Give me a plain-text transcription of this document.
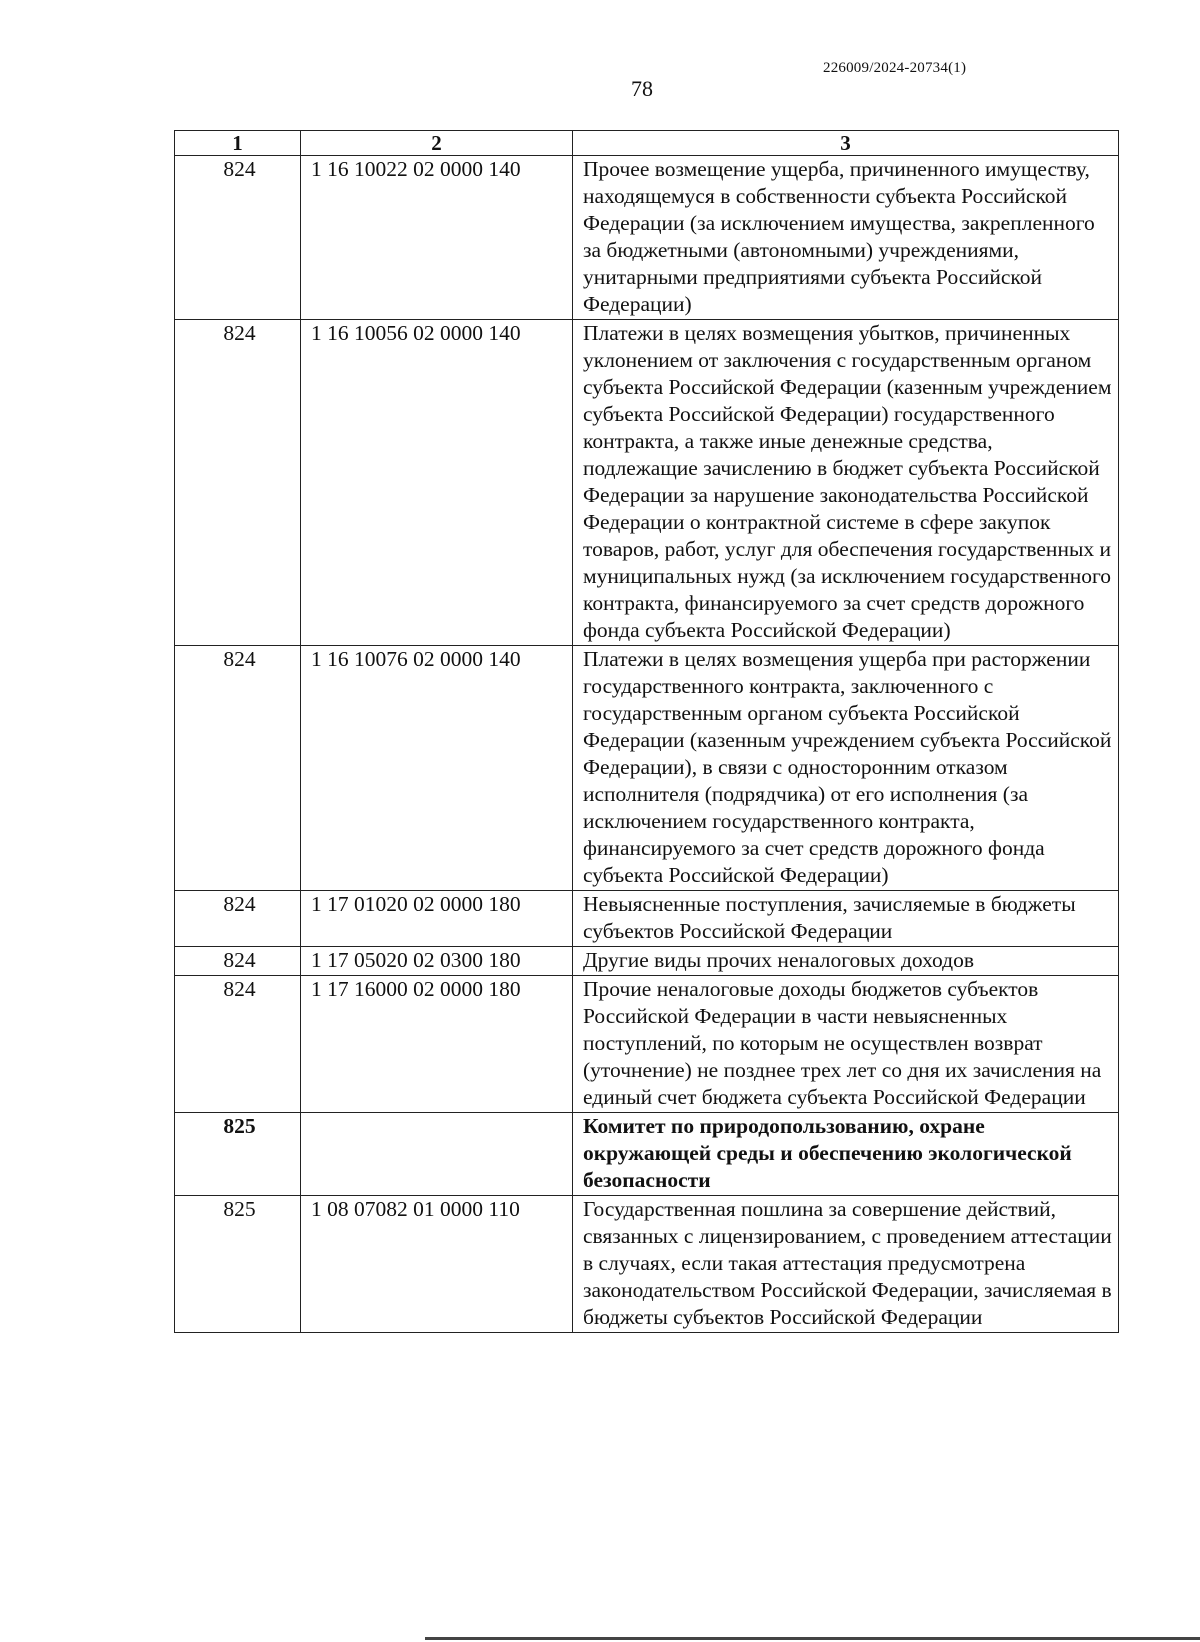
226009/2024-20734(1)
78
1	2	3
824	1 16 10022 02 0000 140	Прочее возмещение ущерба, причиненного имуществу, находящемуся в собственности субъекта Российской Федерации (за исключением имущества, закрепленного за бюджетными (автономными) учреждениями, унитарными предприятиями субъекта Российской Федерации)
824	1 16 10056 02 0000 140	Платежи в целях возмещения убытков, причиненных уклонением от заключения с государственным органом субъекта Российской Федерации (казенным учреждением субъекта Российской Федерации) государственного контракта, а также иные денежные средства, подлежащие зачислению в бюджет субъекта Российской Федерации за нарушение законодательства Российской Федерации о контрактной системе в сфере закупок товаров, работ, услуг для обеспечения государственных и муниципальных нужд (за исключением государственного контракта, финансируемого за счет средств дорожного фонда субъекта Российской Федерации)
824	1 16 10076 02 0000 140	Платежи в целях возмещения ущерба при расторжении государственного контракта, заключенного с государственным органом субъекта Российской Федерации (казенным учреждением субъекта Российской Федерации), в связи с односторонним отказом исполнителя (подрядчика) от его исполнения (за исключением государственного контракта, финансируемого за счет средств дорожного фонда субъекта Российской Федерации)
824	1 17 01020 02 0000 180	Невыясненные поступления, зачисляемые в бюджеты субъектов Российской Федерации
824	1 17 05020 02 0300 180	Другие виды прочих неналоговых доходов
824	1 17 16000 02 0000 180	Прочие неналоговые доходы бюджетов субъектов Российской Федерации в части невыясненных поступлений, по которым не осуществлен возврат (уточнение) не позднее трех лет со дня их зачисления на единый счет бюджета субъекта Российской Федерации
825		Комитет по природопользованию, охране окружающей среды и обеспечению экологической безопасности
825	1 08 07082 01 0000 110	Государственная пошлина за совершение действий, связанных с лицензированием, с проведением аттестации в случаях, если такая аттестация предусмотрена законодательством Российской Федерации, зачисляемая в бюджеты субъектов Российской Федерации
